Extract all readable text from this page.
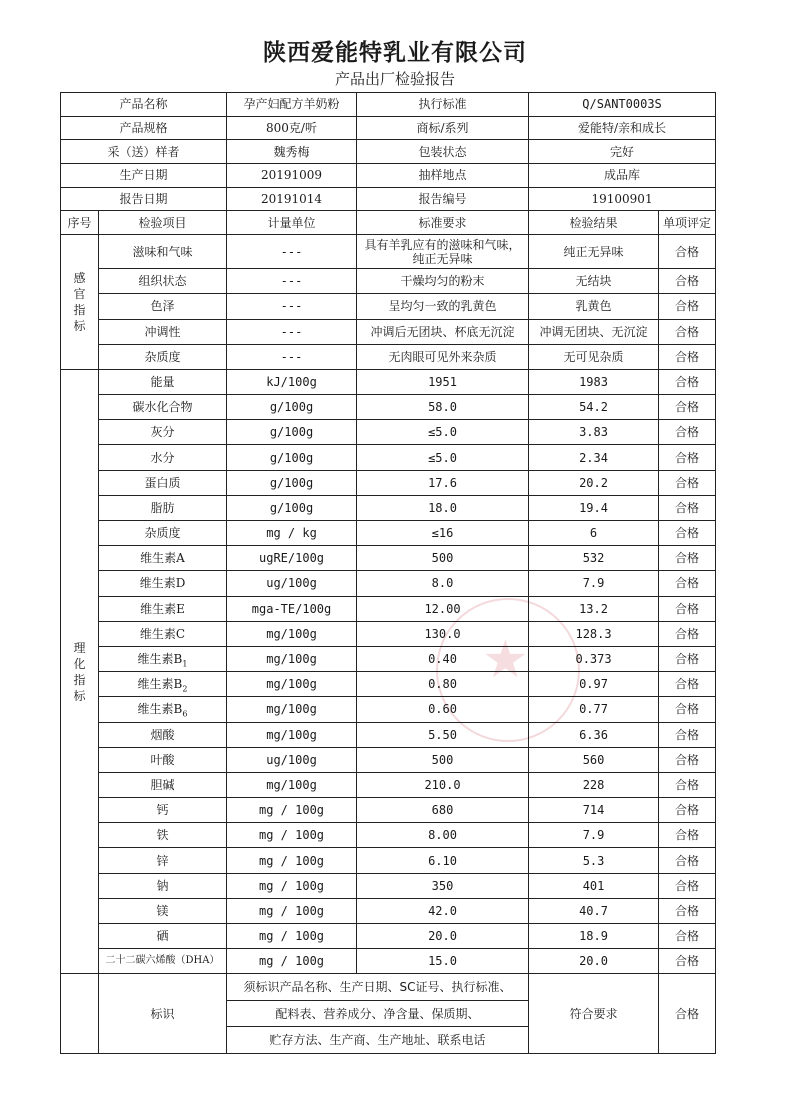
陕西爱能特乳业有限公司
产品出厂检验报告
★
产品名称		孕产妇配方羊奶粉	执行标准	Q/SANT0003S	
产品规格		800克/听	商标/系列	爱能特/亲和成长	
采（送）样者		魏秀梅	包装状态	完好	
生产日期		20191009	抽样地点	成品库	
报告日期		20191014	报告编号	19100901	
序号	检验项目	计量单位	标准要求	检验结果	单项评定
感官指标	滋味和气味	---	具有羊乳应有的滋味和气味，纯正无异味	纯正无异味	合格
	组织状态	---	干燥均匀的粉末	无结块	合格
	色泽	---	呈均匀一致的乳黄色	乳黄色	合格
	冲调性	---	冲调后无团块、杯底无沉淀	冲调无团块、无沉淀	合格
	杂质度	---	无肉眼可见外来杂质	无可见杂质	合格
理化指标	能量	kJ/100g	1951	1983	合格
	碳水化合物	g/100g	58.0	54.2	合格
	灰分	g/100g	≤5.0	3.83	合格
	水分	g/100g	≤5.0	2.34	合格
	蛋白质	g/100g	17.6	20.2	合格
	脂肪	g/100g	18.0	19.4	合格
	杂质度	mg / kg	≤16	6	合格
	维生素A	ugRE/100g	500	532	合格
	维生素D	ug/100g	8.0	7.9	合格
	维生素E	mga-TE/100g	12.00	13.2	合格
	维生素C	mg/100g	130.0	128.3	合格
	维生素$B_1$	mg/100g	0.40	0.373	合格
	维生素$B_2$	mg/100g	0.80	0.97	合格
	维生素$B_6$	mg/100g	0.60	0.77	合格
	烟酸	mg/100g	5.50	6.36	合格
	叶酸	ug/100g	500	560	合格
	胆碱	mg/100g	210.0	228	合格
	钙	mg / 100g	680	714	合格
	铁	mg / 100g	8.00	7.9	合格
	锌	mg / 100g	6.10	5.3	合格
	钠	mg / 100g	350	401	合格
	镁	mg / 100g	42.0	40.7	合格
	硒	mg / 100g	20.0	18.9	合格
	二十二碳六烯酸（DHA）	mg / 100g	15.0	20.0	合格
	标识	须标识产品名称、生产日期、SC证号、执行标准、		符合要求	合格
		配料表、营养成分、净含量、保质期、			
		贮存方法、生产商、生产地址、联系电话			
